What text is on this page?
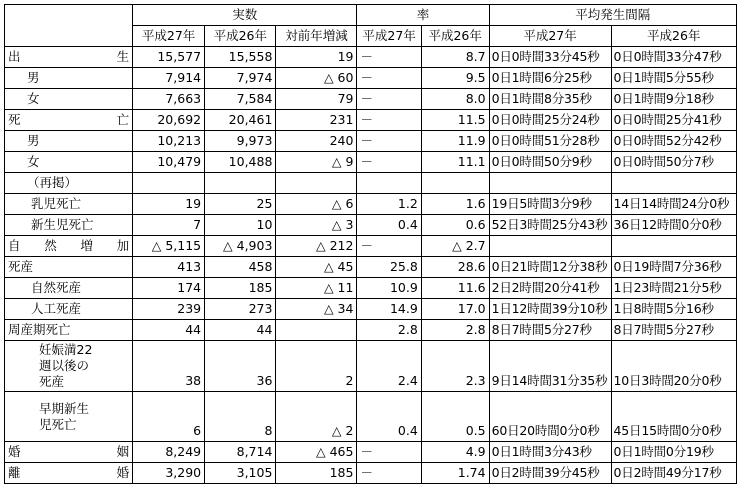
	実数			率		平均発生間隔	
	平成27年	平成26年	対前年増減	平成27年	平成26年	平成27年	平成26年

出 生	15,577	15,558	19	－	8.7	0日0時間33分45秒	0日0時間33分47秒
男	7,914	7,974	△ 60	－	9.5	0日1時間6分25秒	0日1時間5分55秒
女	7,663	7,584	79	－	8.0	0日1時間8分35秒	0日1時間9分18秒

死 亡	20,692	20,461	231	－	11.5	0日0時間25分24秒	0日0時間25分41秒
男	10,213	9,973	240	－	11.9	0日0時間51分28秒	0日0時間52分42秒
女	10,479	10,488	△ 9	－	11.1	0日0時間50分9秒	0日0時間50分7秒
（再掲）							
乳児死亡	19	25	△ 6	1.2	1.6	19日5時間3分9秒	14日14時間24分0秒
新生児死亡	7	10	△ 3	0.4	0.6	52日3時間25分43秒	36日12時間0分0秒

自 然 増 加	△ 5,115	△ 4,903	△ 212	－	△ 2.7		
死産	413	458	△ 45	25.8	28.6	0日21時間12分38秒	0日19時間7分36秒
自然死産	174	185	△ 11	10.9	11.6	2日2時間20分41秒	1日23時間21分5秒
人工死産	239	273	△ 34	14.9	17.0	1日12時間39分10秒	1日8時間5分16秒
周産期死亡	44	44		2.8	2.8	8日7時間5分27秒	8日7時間5分27秒

妊娠満22週以後の死産	38	36	2	2.4	2.3	9日14時間31分35秒	10日3時間20分0秒

早期新生児死亡	6	8	△ 2	0.4	0.5	60日20時間0分0秒	45日15時間0分0秒

婚 姻	8,249	8,714	△ 465	－	4.9	0日1時間3分43秒	0日1時間0分19秒

離 婚	3,290	3,105	185	－	1.74	0日2時間39分45秒	0日2時間49分17秒
